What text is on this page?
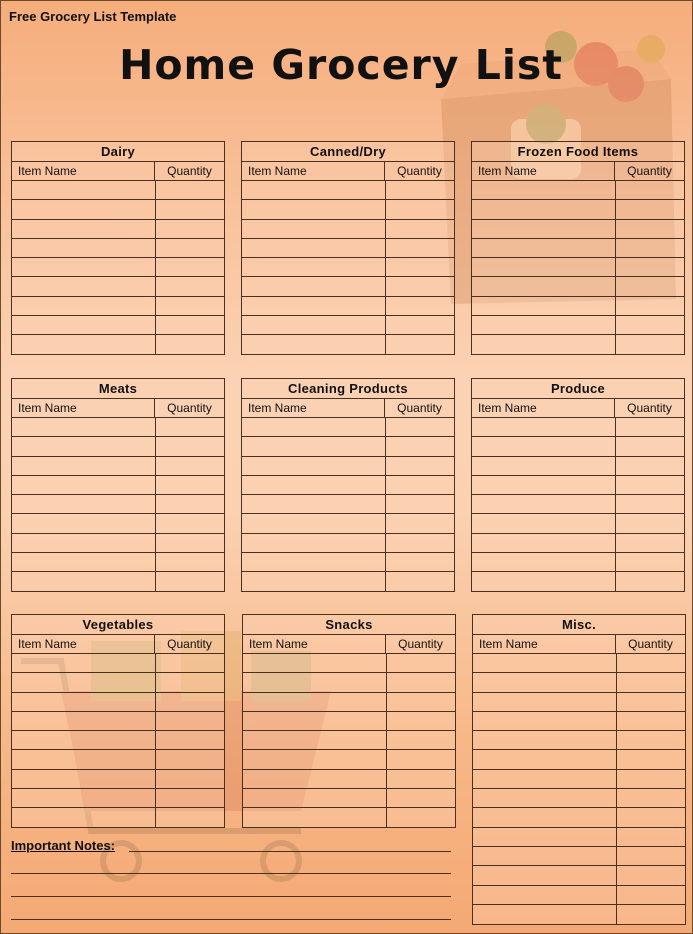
Free Grocery List Template
Home Grocery List
Dairy
Item Name	Quantity
Canned/Dry
Item Name	Quantity
Frozen Food Items
Item Name	Quantity
Meats
Item Name	Quantity
Cleaning Products
Item Name	Quantity
Produce
Item Name	Quantity
Vegetables
Item Name	Quantity
Snacks
Item Name	Quantity
Misc.
Item Name	Quantity
Important Notes:
